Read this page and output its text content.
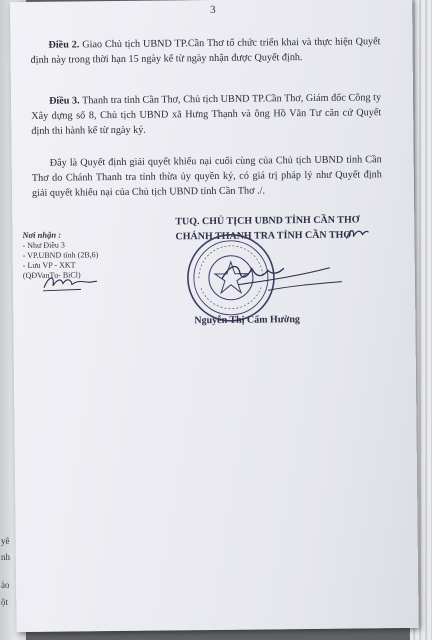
yê
nh
ào
ột
3

Điều 2. Giao Chủ tịch UBND TP.Cần Thơ tổ chức triển khai và thực hiện Quyết định này trong thời hạn 15 ngày kể từ ngày nhận được Quyết định.

Điều 3. Thanh tra tỉnh Cần Thơ, Chủ tịch UBND TP.Cần Thơ, Giám đốc Công ty Xây dựng số 8, Chủ tịch UBND xã Hưng Thạnh và ông Hồ Văn Tư căn cứ Quyết định thi hành kể từ ngày ký.

Đây là Quyết định giải quyết khiếu nại cuối cùng của Chủ tịch UBND tỉnh Cần Thơ do Chánh Thanh tra tỉnh thừa ủy quyền ký, có giá trị pháp lý như Quyết định giải quyết khiếu nại của Chủ tịch UBND tỉnh Cần Thơ ./.

TUQ. CHỦ TỊCH UBND TỈNH CẦN THƠ
CHÁNH THANH TRA TỈNH CẦN THƠ
Nơi nhận :
- Như Điều 3
- VP.UBND tỉnh (2B,6)
- Lưu VP - XKT
(QĐVanTu- BiCl)
Nguyễn Thị Cẩm Hường
